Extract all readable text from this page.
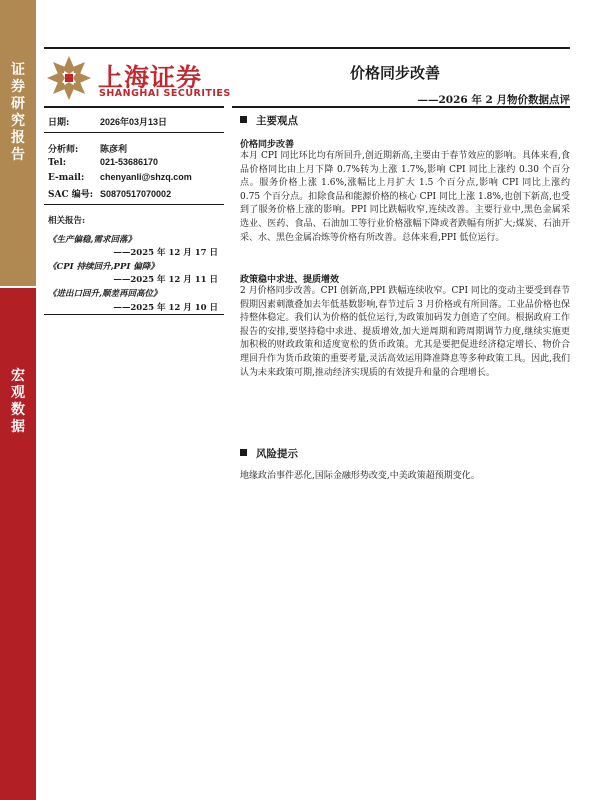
证券研究报告
宏观数据
上海证券
SHANGHAI SECURITIES
价格同步改善
——2026 年 2 月物价数据点评
日期:	2026年03月13日
分析师: 陈彦利
Tel:	021-53686170
E-mail: chenyanli@shzq.com
SAC 编号: S0870517070002
相关报告:
《生产偏稳,需求回落》
——2025 年 12 月 17 日
《CPI 持续回升,PPI 偏降》
——2025 年 12 月 11 日
《进出口回升,顺差再回高位》
——2025 年 12 月 10 日
主要观点
价格同步改善
本月 CPI 同比环比均有所回升,创近期新高,主要由于春节效应的影响。具体来看,食品价格同比由上月下降 0.7%转为上涨 1.7%,影响 CPI 同比上涨约 0.30 个百分点。服务价格上涨 1.6%,涨幅比上月扩大 1.5 个百分点,影响 CPI 同比上涨约 0.75 个百分点。扣除食品和能源价格的核心 CPI 同比上涨 1.8%,也创下新高,也受到了服务价格上涨的影响。PPI 同比跌幅收窄,连续改善。主要行业中,黑色金属采选业、医药、食品、石油加工等行业价格涨幅下降或者跌幅有所扩大;煤炭、石油开采、水、黑色金属冶炼等价格有所改善。总体来看,PPI 低位运行。
政策稳中求进、提质增效
2 月价格同步改善。CPI 创新高,PPI 跌幅连续收窄。CPI 同比的变动主要受到春节假期因素刺激叠加去年低基数影响,春节过后 3 月价格或有所回落。工业品价格也保持整体稳定。我们认为价格的低位运行,为政策加码发力创造了空间。根据政府工作报告的安排,要坚持稳中求进、提质增效,加大逆周期和跨周期调节力度,继续实施更加积极的财政政策和适度宽松的货币政策。尤其是要把促进经济稳定增长、物价合理回升作为货币政策的重要考量,灵活高效运用降准降息等多种政策工具。因此,我们认为未来政策可期,推动经济实现质的有效提升和量的合理增长。
风险提示
地缘政治事件恶化,国际金融形势改变,中美政策超预期变化。
